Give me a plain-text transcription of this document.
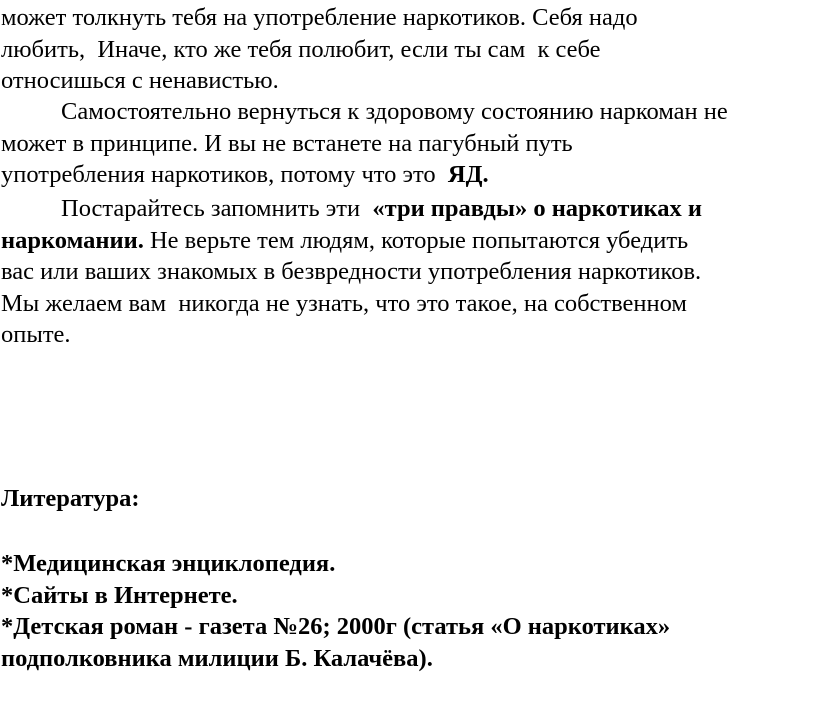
может толкнуть тебя на употребление наркотиков. Себя надо

любить,  Иначе, кто же тебя полюбит, если ты сам  к себе

относишься с ненавистью.

Самостоятельно вернуться к здоровому состоянию наркоман не

может в принципе. И вы не встанете на пагубный путь

употребления наркотиков, потому что это  ЯД.

Постарайтесь запомнить эти  «три правды» о наркотиках и

наркомании. Не верьте тем людям, которые попытаются убедить

вас или ваших знакомых в безвредности употребления наркотиков.

Мы желаем вам  никогда не узнать, что это такое, на собственном

опыте.

Литература:

*Медицинская энциклопедия.

*Сайты в Интернете.

*Детская роман - газета №26; 2000г (статья «О наркотиках»

подполковника милиции Б. Калачёва).
